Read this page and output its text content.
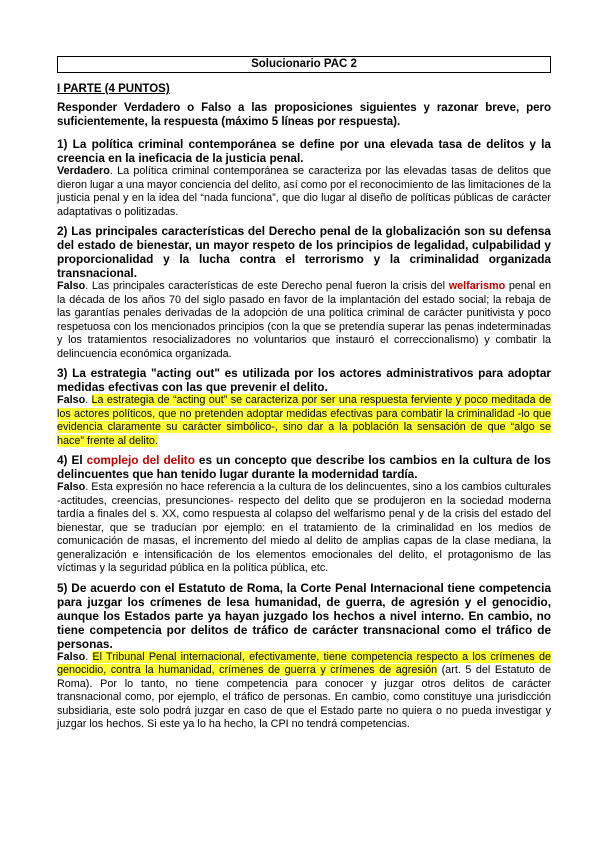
Solucionario PAC 2
I PARTE (4 PUNTOS)
Responder Verdadero o Falso a las proposiciones siguientes y razonar breve, pero suficientemente, la respuesta (máximo 5 líneas por respuesta).
1) La política criminal contemporánea se define por una elevada tasa de delitos y la creencia en la ineficacia de la justicia penal.
Verdadero. La política criminal contemporánea se caracteriza por las elevadas tasas de delitos que dieron lugar a una mayor conciencia del delito, así como por el reconocimiento de las limitaciones de la justicia penal y en la idea del “nada funciona”, que dio lugar al diseño de políticas públicas de carácter adaptativas o politizadas.
2) Las principales características del Derecho penal de la globalización son su defensa del estado de bienestar, un mayor respeto de los principios de legalidad, culpabilidad y proporcionalidad y la lucha contra el terrorismo y la criminalidad organizada transnacional.
Falso. Las principales características de este Derecho penal fueron la crisis del welfarismo penal en la década de los años 70 del siglo pasado en favor de la implantación del estado social; la rebaja de las garantías penales derivadas de la adopción de una política criminal de carácter punitivista y poco respetuosa con los mencionados principios (con la que se pretendía superar las penas indeterminadas y los tratamientos resocializadores no voluntarios que instauró el correccionalismo) y combatir la delincuencia económica organizada.
3) La estrategia "acting out" es utilizada por los actores administrativos para adoptar medidas efectivas con las que prevenir el delito.
Falso. La estrategia de “acting out” se caracteriza por ser una respuesta fervientе y poco meditada de los actores políticos, que no pretenden adoptar medidas efectivas para combatir la criminalidad -lo que evidencia claramente su carácter simbólico-, sino dar a la población la sensación de que “algo se hace” frente al delito.
4) El complejo del delito es un concepto que describe los cambios en la cultura de los delincuentes que han tenido lugar durante la modernidad tardía.
Falso. Esta expresión no hace referencia a la cultura de los delincuentes, sino a los cambios culturales -actitudes, creencias, presunciones- respecto del delito que se produjeron en la sociedad moderna tardía a finales del s. XX, como respuesta al colapso del welfarismo penal y de la crisis del estado del bienestar, que se traducían por ejemplo: en el tratamiento de la criminalidad en los medios de comunicación de masas, el incremento del miedo al delito de amplias capas de la clase mediana, la generalización e intensificación de los elementos emocionales del delito, el protagonismo de las víctimas y la seguridad pública en la política pública, etc.
5) De acuerdo con el Estatuto de Roma, la Corte Penal Internacional tiene competencia para juzgar los crímenes de lesa humanidad, de guerra, de agresión y el genocidio, aunque los Estados parte ya hayan juzgado los hechos a nivel interno. En cambio, no tiene competencia por delitos de tráfico de carácter transnacional como el tráfico de personas.
Falso. El Tribunal Penal internacional, efectivamente, tiene competencia respecto a los crímenes de genocidio, contra la humanidad, crímenes de guerra y crímenes de agresión (art. 5 del Estatuto de Roma). Por lo tanto, no tiene competencia para conocer y juzgar otros delitos de carácter transnacional como, por ejemplo, el tráfico de personas. En cambio, como constituye una jurisdicción subsidiaria, este solo podrá juzgar en caso de que el Estado parte no quiera o no pueda investigar y juzgar los hechos. Si este ya lo ha hecho, la CPI no tendrá competencias.
